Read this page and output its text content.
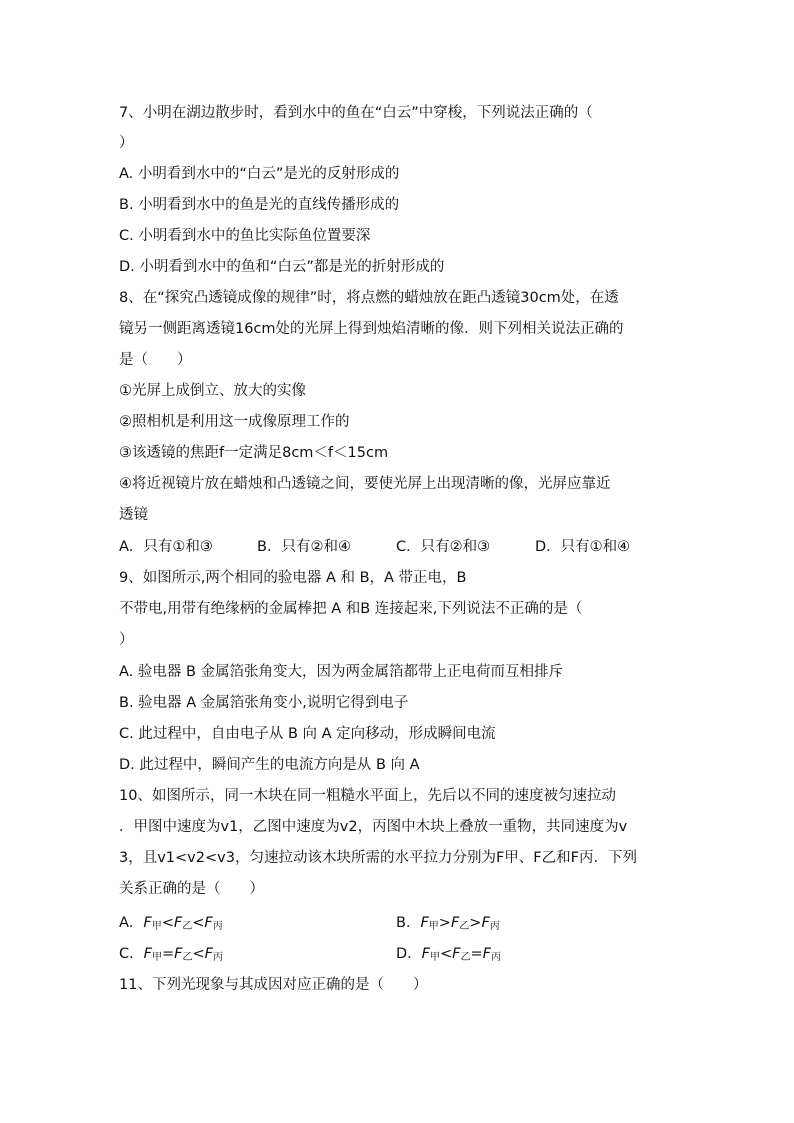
7、小明在湖边散步时，看到水中的鱼在“白云”中穿梭，下列说法正确的（
）
A. 小明看到水中的“白云”是光的反射形成的
B. 小明看到水中的鱼是光的直线传播形成的
C. 小明看到水中的鱼比实际鱼位置要深
D. 小明看到水中的鱼和“白云”都是光的折射形成的
8、在“探究凸透镜成像的规律”时，将点燃的蜡烛放在距凸透镜30cm处，在透
镜另一侧距离透镜16cm处的光屏上得到烛焰清晰的像．则下列相关说法正确的
是（　　）
①光屏上成倒立、放大的实像
②照相机是利用这一成像原理工作的
③该透镜的焦距f一定满足8cm＜f＜15cm
④将近视镜片放在蜡烛和凸透镜之间，要使光屏上出现清晰的像，光屏应靠近
透镜
A．只有①和③	B．只有②和④	C．只有②和③	D．只有①和④
9、如图所示,两个相同的验电器 A 和 B，A 带正电，B
不带电,用带有绝缘柄的金属棒把 A 和B 连接起来,下列说法不正确的是（
）
A. 验电器 B 金属箔张角变大，因为两金属箔都带上正电荷而互相排斥
B. 验电器 A 金属箔张角变小,说明它得到电子
C. 此过程中，自由电子从 B 向 A 定向移动，形成瞬间电流
D. 此过程中，瞬间产生的电流方向是从 B 向 A
10、如图所示，同一木块在同一粗糙水平面上，先后以不同的速度被匀速拉动
．甲图中速度为v1，乙图中速度为v2，丙图中木块上叠放一重物，共同速度为v
3，且v1<v2<v3，匀速拉动该木块所需的水平拉力分别为F甲、F乙和F丙．下列
关系正确的是（　　）
A．$F_甲<F_乙<F_丙$	B．$F_甲>F_乙>F_丙$
C．$F_甲=F_乙<F_丙$	D．$F_甲<F_乙=F_丙$
11、下列光现象与其成因对应正确的是（　　）
